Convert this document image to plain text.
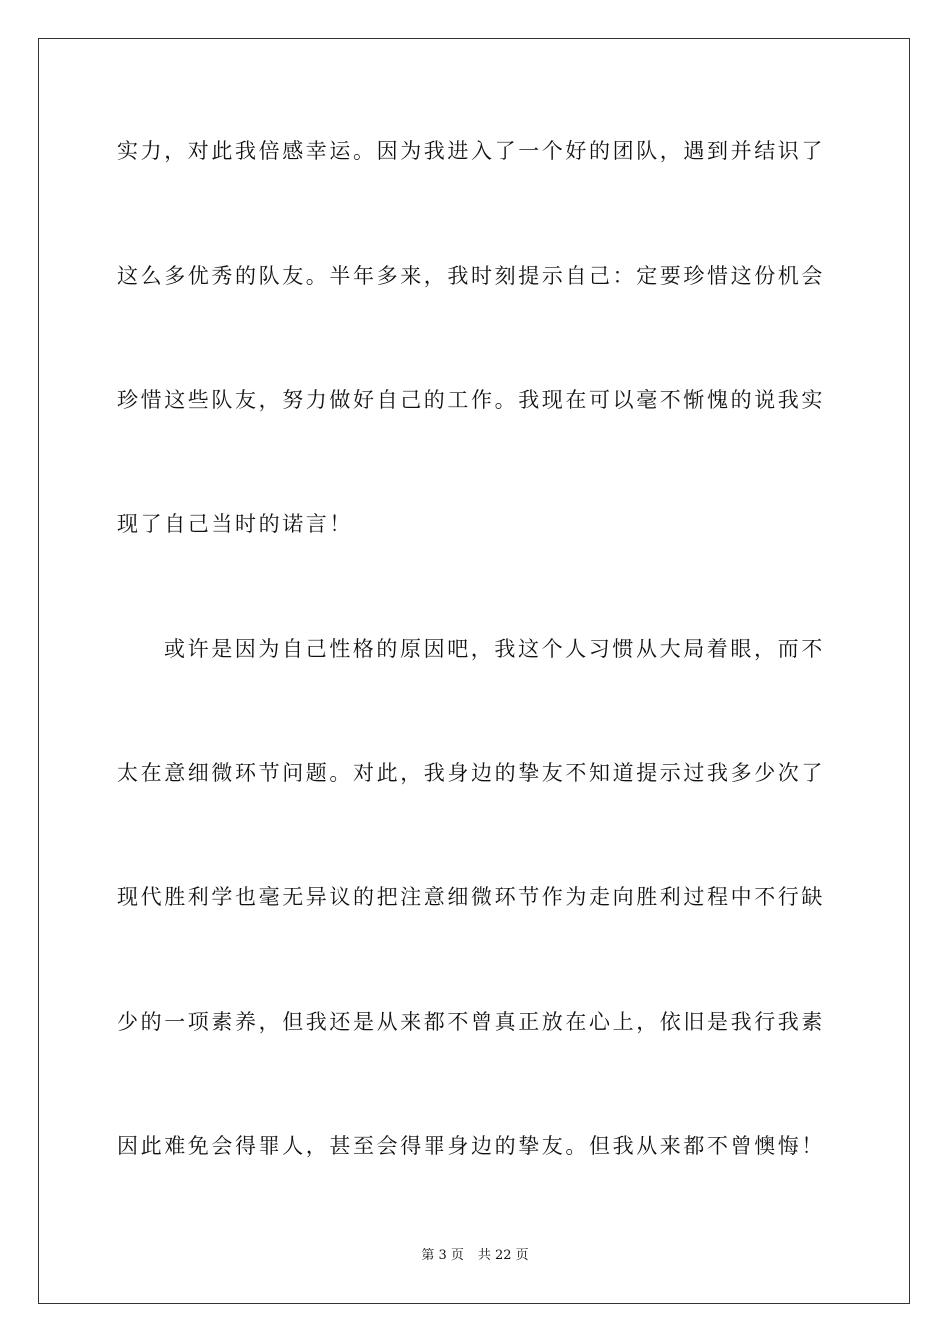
实力，对此我倍感幸运。因为我进入了一个好的团队，遇到并结识了
这么多优秀的队友。半年多来，我时刻提示自己：定要珍惜这份机会
珍惜这些队友，努力做好自己的工作。我现在可以毫不惭愧的说我实
现了自己当时的诺言！
或许是因为自己性格的原因吧，我这个人习惯从大局着眼，而不
太在意细微环节问题。对此，我身边的挚友不知道提示过我多少次了
现代胜利学也毫无异议的把注意细微环节作为走向胜利过程中不行缺
少的一项素养，但我还是从来都不曾真正放在心上，依旧是我行我素
因此难免会得罪人，甚至会得罪身边的挚友。但我从来都不曾懊悔！
第 3 页 共 22 页
